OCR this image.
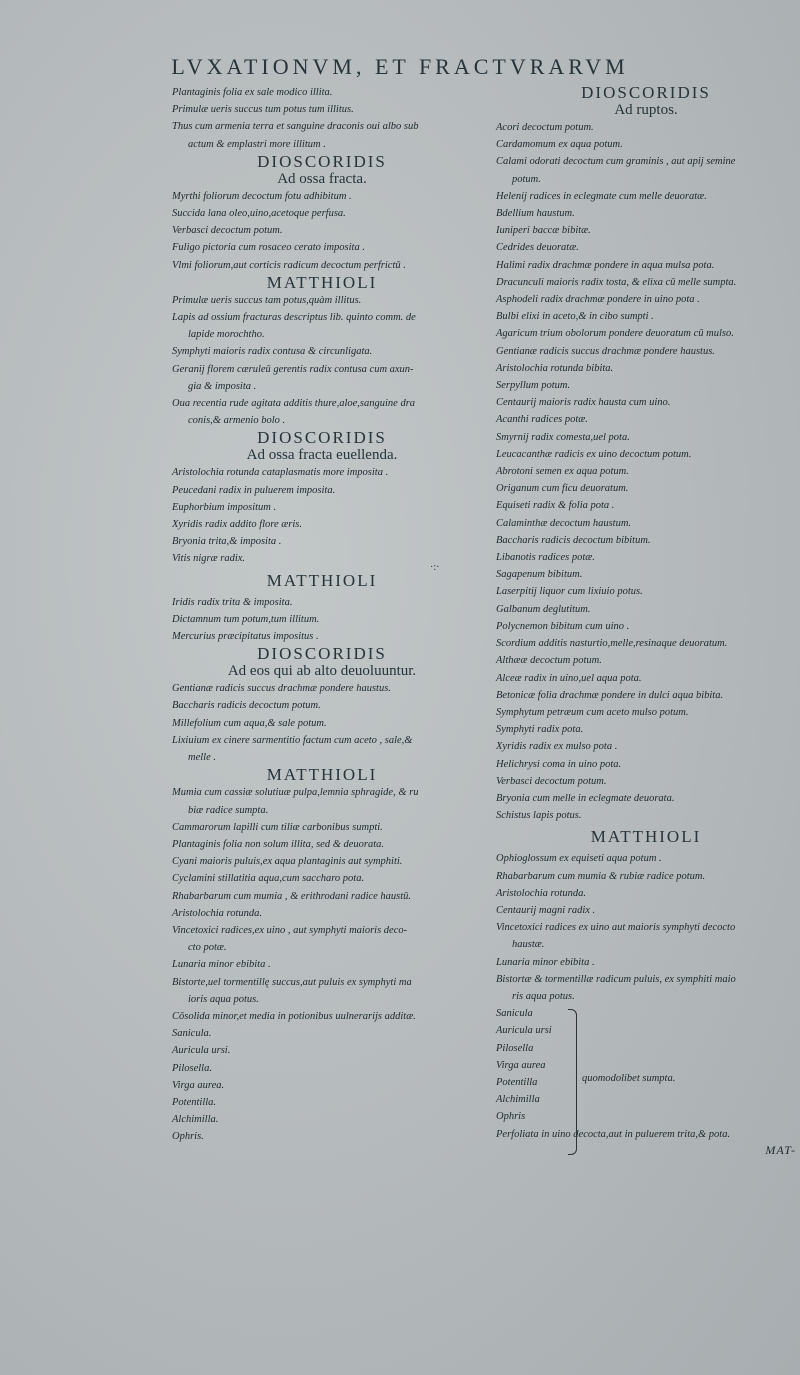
LVXATIONVM, ET FRACTVRARVM

Plantaginis folia ex sale modico illita.

Primulæ ueris succus tum potus tum illitus.

Thus cum armenia terra et sanguine draconis oui albo sub
actum & emplastri more illitum .

DIOSCORIDIS

Ad ossa fracta.

Myrthi foliorum decoctum fotu adhibitum .

Succida lana oleo,uino,acetoque perfusa.

Verbasci decoctum potum.

Fuligo pictoria cum rosaceo cerato imposita .

Vlmi foliorum,aut corticis radicum decoctum perfrictū .

MATTHIOLI

Primulæ ueris succus tam potus,quàm illitus.

Lapis ad ossium fracturas descriptus lib. quinto comm. de
lapide morochtho.

Symphyti maioris radix contusa & circunligata.

Geranij florem cæruleū gerentis radix contusa cum axun-
gia & imposita .

Oua recentia rude agitata additis thure,aloe,sanguine dra
conis,& armenio bolo .

DIOSCORIDIS

Ad ossa fracta euellenda.

Aristolochia rotunda cataplasmatis more imposita .

Peucedani radix in puluerem imposita.

Euphorbium impositum .

Xyridis radix addito flore æris.

Bryonia trita,& imposita .

Vitis nigræ radix.

MATTHIOLI

Iridis radix trita & imposita.

Dictamnum tum potum,tum illitum.

Mercurius præcipitatus impositus .

DIOSCORIDIS

Ad eos qui ab alto deuoluuntur.

Gentianæ radicis succus drachmæ pondere haustus.

Baccharis radicis decoctum potum.

Millefolium cum aqua,& sale potum.

Lixiuium ex cinere sarmentitio factum cum aceto , sale,&
melle .

MATTHIOLI

Mumia cum cassiæ solutiuæ pulpa,lemnia sphragide, & ru
biæ radice sumpta.

Cammarorum lapilli cum tiliæ carbonibus sumpti.

Plantaginis folia non solum illita, sed & deuorata.

Cyani maioris puluis,ex aqua plantaginis aut symphiti.

Cyclamini stillatitia aqua,cum saccharo pota.

Rhabarbarum cum mumia , & erithrodani radice haustū.

Aristolochia rotunda.

Vincetoxici radices,ex uino , aut symphyti maioris deco-
cto potæ.

Lunaria minor ebibita .

Bistorte,uel tormentillę succus,aut puluis ex symphyti ma
ioris aqua potus.

Cōsolida minor,et media in potionibus uulnerarijs additæ.

Sanicula.

Auricula ursi.

Pilosella.

Virga aurea.

Potentilla.

Alchimilla.

Ophris.

DIOSCORIDIS

Ad ruptos.

Acori decoctum potum.

Cardamomum ex aqua potum.

Calami odorati decoctum cum graminis , aut apij semine
potum.

Helenij radices in eclegmate cum melle deuoratæ.

Bdellium haustum.

Iuniperi baccæ bibitæ.

Cedrides deuoratæ.

Halimi radix drachmæ pondere in aqua mulsa pota.

Dracunculi maioris radix tosta, & elixa cū melle sumpta.

Asphodeli radix drachmæ pondere in uino pota .

Bulbi elixi in aceto,& in cibo sumpti .

Agaricum trium obolorum pondere deuoratum cū mulso.

Gentianæ radicis succus drachmæ pondere haustus.

Aristolochia rotunda bibita.

Serpyllum potum.

Centaurij maioris radix hausta cum uino.

Acanthi radices potæ.

Smyrnij radix comesta,uel pota.

Leucacanthæ radicis ex uino decoctum potum.

Abrotoni semen ex aqua potum.

Origanum cum ficu deuoratum.

Equiseti radix & folia pota .

Calaminthæ decoctum haustum.

Baccharis radicis decoctum bibitum.

Libanotis radices potæ.

Sagapenum bibitum.

Laserpitij liquor cum lixiuio potus.

Galbanum deglutitum.

Polycnemon bibitum cum uino .

Scordium additis nasturtio,melle,resinaque deuoratum.

Althææ decoctum potum.

Alceæ radix in uino,uel aqua pota.

Betonicæ folia drachmæ pondere in dulci aqua bibita.

Symphytum petræum cum aceto mulso potum.

Symphyti radix pota.

Xyridis radix ex mulso pota .

Helichrysi coma in uino pota.

Verbasci decoctum potum.

Bryonia cum melle in eclegmate deuorata.

Schistus lapis potus.

MATTHIOLI

Ophioglossum ex equiseti aqua potum .

Rhabarbarum cum mumia & rubiæ radice potum.

Aristolochia rotunda.

Centaurij magni radix .

Vincetoxici radices ex uino aut maioris symphyti decocto
haustæ.

Lunaria minor ebibita .

Bistortæ & tormentillæ radicum puluis, ex symphiti maio
ris aqua potus.

Sanicula

Auricula ursi

Pilosella

Virga aurea

Potentilla

Alchimilla

Ophris

quomodolibet sumpta.

Perfoliata in uino decocta,aut in puluerem trita,& pota.

MAT-
·:·
